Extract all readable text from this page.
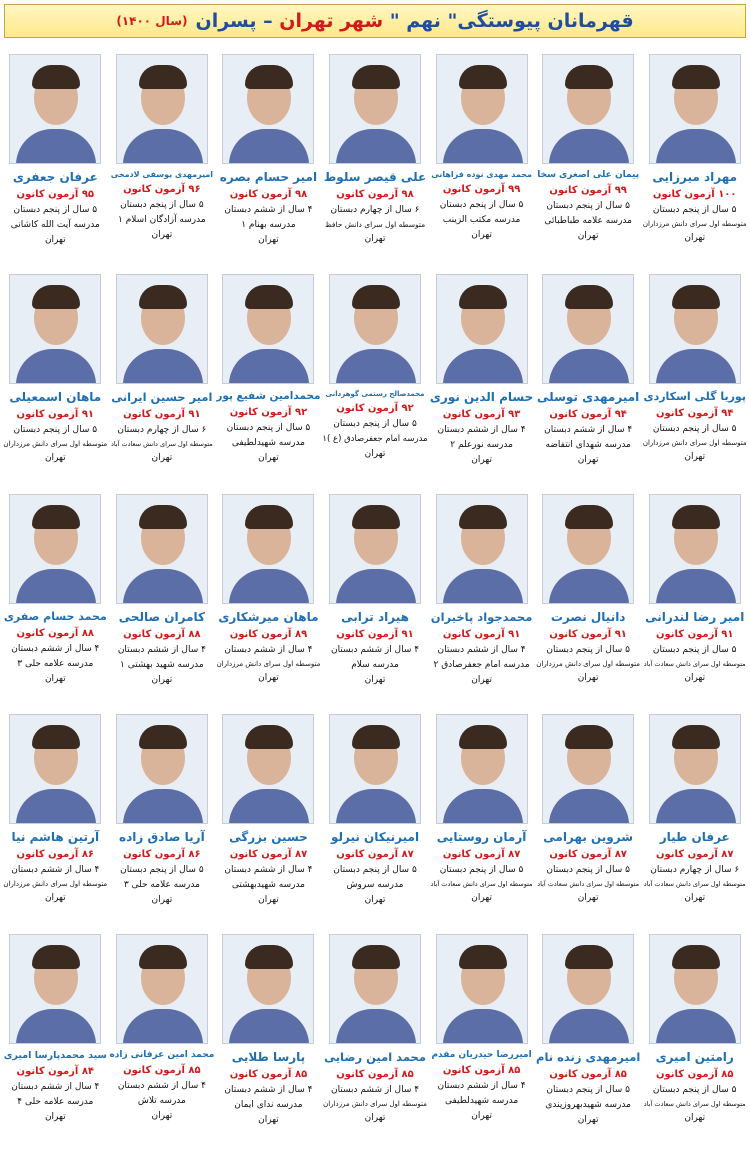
قهرمانان پیوستگی" نهم " شهر تهران – پسران
(سال ۱۴۰۰)
مهراد میرزایی
۱۰۰ آزمون کانون
۵ سال از پنجم دبستان
متوسطه اول سرای دانش مرزداران
تهران
پیمان علی اصغری سخا
۹۹ آزمون کانون
۵ سال از پنجم دبستان
مدرسه علامه طباطبائی
تهران
محمد مهدی نوده فراهانی
۹۹ آزمون کانون
۵ سال از پنجم دبستان
مدرسه مکتب الزینب
تهران
علی قیصر سلوط
۹۸ آزمون کانون
۶ سال از چهارم دبستان
متوسطه اول سرای دانش حافظ
تهران
امیر حسام بصره
۹۸ آزمون کانون
۴ سال از ششم دبستان
مدرسه بهنام ۱
تهران
امیرمهدی یوسفی لادمخی
۹۶ آزمون کانون
۵ سال از پنجم دبستان
مدرسه آزادگان اسلام ۱
تهران
عرفان جعفری
۹۵ آزمون کانون
۵ سال از پنجم دبستان
مدرسه آیت الله کاشانی
تهران
پوریا گلی اسکاردی
۹۴ آزمون کانون
۵ سال از پنجم دبستان
متوسطه اول سرای دانش مرزداران
تهران
امیرمهدی توسلی
۹۴ آزمون کانون
۴ سال از ششم دبستان
مدرسه شهدای انتفاضه
تهران
حسام الدین نوری
۹۳ آزمون کانون
۴ سال از ششم دبستان
مدرسه نورعلم ۲
تهران
محمدصالح رستمی گوهردانی
۹۲ آزمون کانون
۵ سال از پنجم دبستان
مدرسه امام جعفرصادق (ع )۱
تهران
محمدامین شفیع پور
۹۲ آزمون کانون
۵ سال از پنجم دبستان
مدرسه شهیدلطیفی
تهران
امیر حسین ایرانی
۹۱ آزمون کانون
۶ سال از چهارم دبستان
متوسطه اول سرای دانش سعادت آباد
تهران
ماهان اسمعیلی
۹۱ آزمون کانون
۵ سال از پنجم دبستان
متوسطه اول سرای دانش مرزداران
تهران
امیر رضا لندرانی
۹۱ آزمون کانون
۵ سال از پنجم دبستان
متوسطه اول سرای دانش سعادت آباد
تهران
دانیال نصرت
۹۱ آزمون کانون
۵ سال از پنجم دبستان
متوسطه اول سرای دانش مرزداران
تهران
محمدجواد پاخیران
۹۱ آزمون کانون
۴ سال از ششم دبستان
مدرسه امام جعفرصادق ۲
تهران
هیراد ترابی
۹۱ آزمون کانون
۴ سال از ششم دبستان
مدرسه سلام
تهران
ماهان میرشکاری
۸۹ آزمون کانون
۴ سال از ششم دبستان
متوسطه اول سرای دانش مرزداران
تهران
کامران صالحی
۸۸ آزمون کانون
۴ سال از ششم دبستان
مدرسه شهید بهشتی ۱
تهران
محمد حسام صفری
۸۸ آزمون کانون
۴ سال از ششم دبستان
مدرسه علامه حلی ۳
تهران
عرفان طیار
۸۷ آزمون کانون
۶ سال از چهارم دبستان
متوسطه اول سرای دانش سعادت آباد
تهران
شروین بهرامی
۸۷ آزمون کانون
۵ سال از پنجم دبستان
متوسطه اول سرای دانش سعادت آباد
تهران
آرمان روستایی
۸۷ آزمون کانون
۵ سال از پنجم دبستان
متوسطه اول سرای دانش سعادت آباد
تهران
امیرنیکان نیرلو
۸۷ آزمون کانون
۵ سال از پنجم دبستان
مدرسه سروش
تهران
حسین بزرگی
۸۷ آزمون کانون
۴ سال از ششم دبستان
مدرسه شهیدبهشتی
تهران
آریا صادق زاده
۸۶ آزمون کانون
۵ سال از پنجم دبستان
مدرسه علامه حلی ۳
تهران
آرتین هاشم نیا
۸۶ آزمون کانون
۴ سال از ششم دبستان
متوسطه اول سرای دانش مرزداران
تهران
رامتین امیری
۸۵ آزمون کانون
۵ سال از پنجم دبستان
متوسطه اول سرای دانش سعادت آباد
تهران
امیرمهدی زنده نام
۸۵ آزمون کانون
۵ سال از پنجم دبستان
مدرسه شهیدبهروزپندی
تهران
امیررضا حیدریان مقدم
۸۵ آزمون کانون
۴ سال از ششم دبستان
مدرسه شهیدلطیفی
تهران
محمد امین رضایی
۸۵ آزمون کانون
۴ سال از ششم دبستان
متوسطه اول سرای دانش مرزداران
تهران
پارسا طلایی
۸۵ آزمون کانون
۴ سال از ششم دبستان
مدرسه ندای ایمان
تهران
محمد امین عرفانی زاده
۸۵ آزمون کانون
۴ سال از ششم دبستان
مدرسه تلاش
تهران
سید محمدپارسا امیری
۸۴ آزمون کانون
۴ سال از ششم دبستان
مدرسه علامه حلی ۴
تهران
